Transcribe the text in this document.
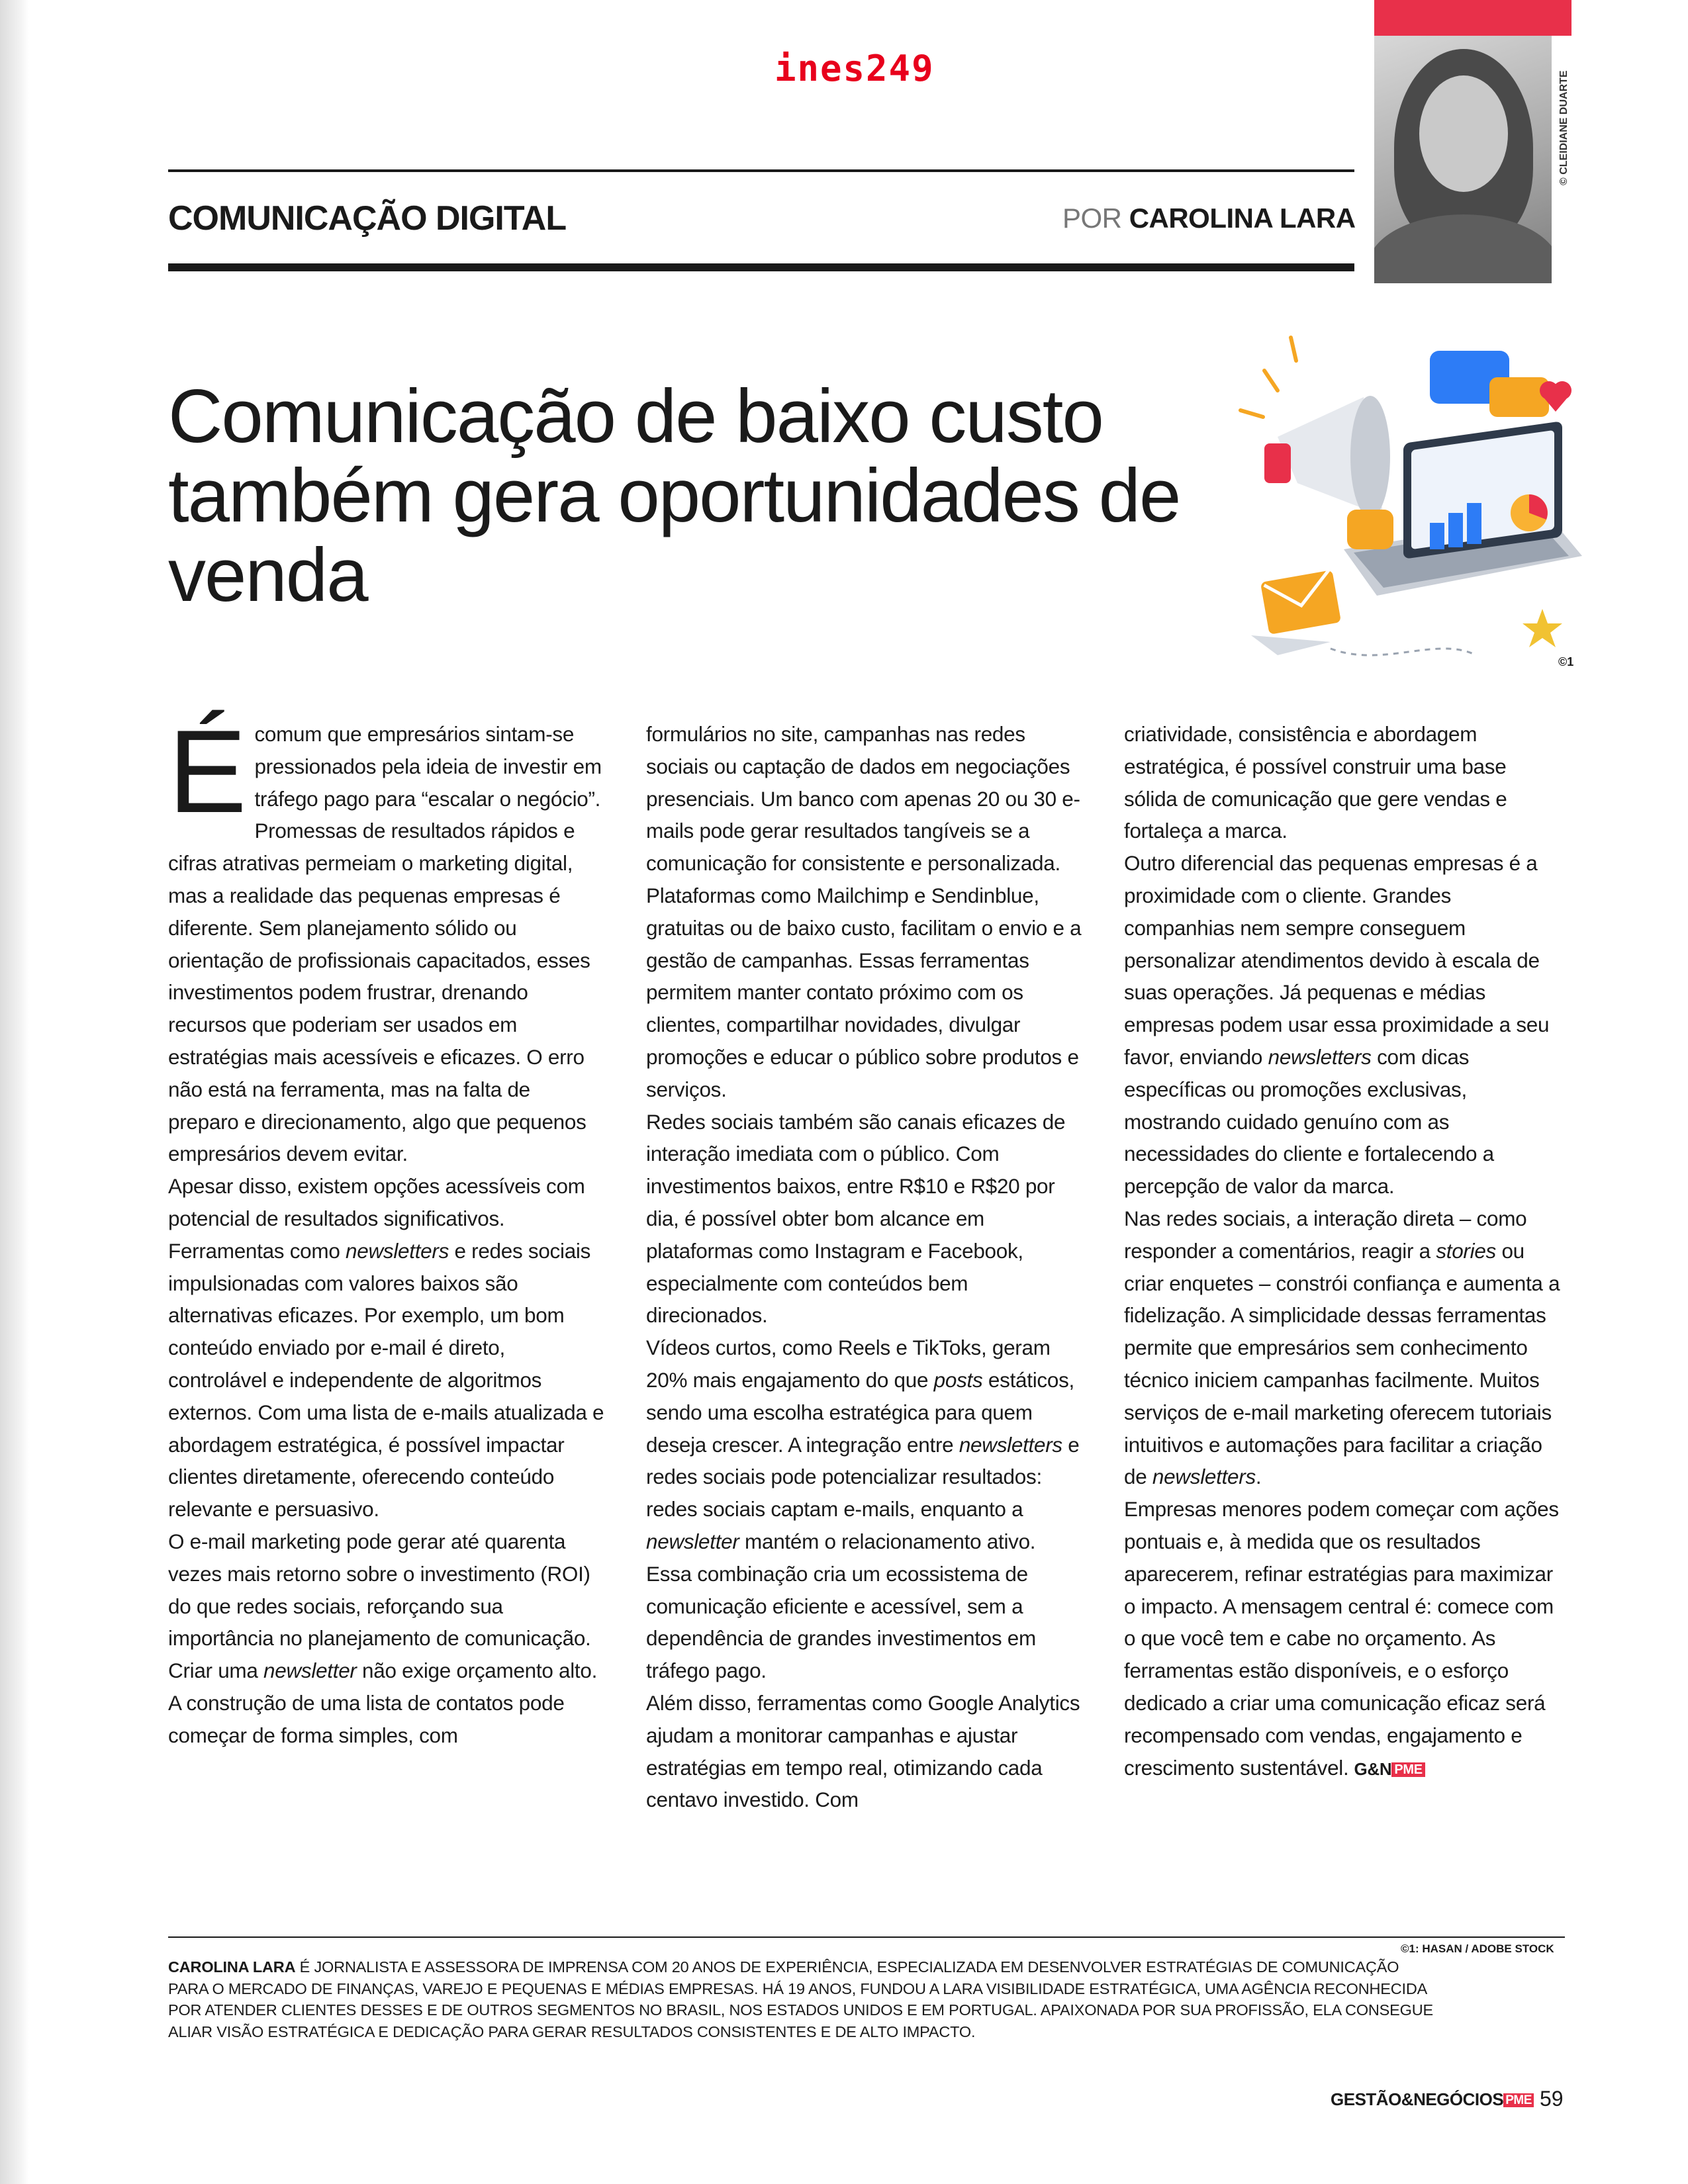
ines249
© CLEIDIANE DUARTE
COMUNICAÇÃO DIGITAL	POR CAROLINA LARA
Comunicação de baixo custo também gera oportunidades de venda
©1

É comum que empresários sintam-se pressionados pela ideia de investir em tráfego pago para “escalar o negócio”. Promessas de resultados rápidos e cifras atrativas permeiam o marketing digital, mas a realidade das pequenas empresas é diferente. Sem planejamento sólido ou orientação de profissionais capacitados, esses investimentos podem frustrar, drenando recursos que poderiam ser usados em estratégias mais acessíveis e eficazes. O erro não está na ferramenta, mas na falta de preparo e direcionamento, algo que pequenos empresários devem evitar.

Apesar disso, existem opções acessíveis com potencial de resultados significativos. Ferramentas como newsletters e redes sociais impulsionadas com valores baixos são alternativas eficazes. Por exemplo, um bom conteúdo enviado por e-mail é direto, controlável e independente de algoritmos externos. Com uma lista de e-mails atualizada e abordagem estratégica, é possível impactar clientes diretamente, oferecendo conteúdo relevante e persuasivo.

O e-mail marketing pode gerar até quarenta vezes mais retorno sobre o investimento (ROI) do que redes sociais, reforçando sua importância no planejamento de comunicação. Criar uma newsletter não exige orçamento alto.

A construção de uma lista de contatos pode começar de forma simples, com

formulários no site, campanhas nas redes sociais ou captação de dados em negociações presenciais. Um banco com apenas 20 ou 30 e-mails pode gerar resultados tangíveis se a comunicação for consistente e personalizada.

Plataformas como Mailchimp e Sendinblue, gratuitas ou de baixo custo, facilitam o envio e a gestão de campanhas. Essas ferramentas permitem manter contato próximo com os clientes, compartilhar novidades, divulgar promoções e educar o público sobre produtos e serviços.

Redes sociais também são canais eficazes de interação imediata com o público. Com investimentos baixos, entre R$10 e R$20 por dia, é possível obter bom alcance em plataformas como Instagram e Facebook, especialmente com conteúdos bem direcionados.

Vídeos curtos, como Reels e TikToks, geram 20% mais engajamento do que posts estáticos, sendo uma escolha estratégica para quem deseja crescer. A integração entre newsletters e redes sociais pode potencializar resultados: redes sociais captam e-mails, enquanto a newsletter mantém o relacionamento ativo. Essa combinação cria um ecossistema de comunicação eficiente e acessível, sem a dependência de grandes investimentos em tráfego pago.

Além disso, ferramentas como Google Analytics ajudam a monitorar campanhas e ajustar estratégias em tempo real, otimizando cada centavo investido. Com

criatividade, consistência e abordagem estratégica, é possível construir uma base sólida de comunicação que gere vendas e fortaleça a marca.

Outro diferencial das pequenas empresas é a proximidade com o cliente. Grandes companhias nem sempre conseguem personalizar atendimentos devido à escala de suas operações. Já pequenas e médias empresas podem usar essa proximidade a seu favor, enviando newsletters com dicas específicas ou promoções exclusivas, mostrando cuidado genuíno com as necessidades do cliente e fortalecendo a percepção de valor da marca.

Nas redes sociais, a interação direta – como responder a comentários, reagir a stories ou criar enquetes – constrói confiança e aumenta a fidelização. A simplicidade dessas ferramentas permite que empresários sem conhecimento técnico iniciem campanhas facilmente. Muitos serviços de e-mail marketing oferecem tutoriais intuitivos e automações para facilitar a criação de newsletters.

Empresas menores podem começar com ações pontuais e, à medida que os resultados aparecerem, refinar estratégias para maximizar o impacto. A mensagem central é: comece com o que você tem e cabe no orçamento. As ferramentas estão disponíveis, e o esforço dedicado a criar uma comunicação eficaz será recompensado com vendas, engajamento e crescimento sustentável. G&N PME

©1: HASAN / ADOBE STOCK
CAROLINA LARA É JORNALISTA E ASSESSORA DE IMPRENSA COM 20 ANOS DE EXPERIÊNCIA, ESPECIALIZADA EM DESENVOLVER ESTRATÉGIAS DE COMUNICAÇÃO PARA O MERCADO DE FINANÇAS, VAREJO E PEQUENAS E MÉDIAS EMPRESAS. HÁ 19 ANOS, FUNDOU A LARA VISIBILIDADE ESTRATÉGICA, UMA AGÊNCIA RECONHECIDA POR ATENDER CLIENTES DESSES E DE OUTROS SEGMENTOS NO BRASIL, NOS ESTADOS UNIDOS E EM PORTUGAL. APAIXONADA POR SUA PROFISSÃO, ELA CONSEGUE ALIAR VISÃO ESTRATÉGICA E DEDICAÇÃO PARA GERAR RESULTADOS CONSISTENTES E DE ALTO IMPACTO.
GESTÃO&NEGÓCIOS PME 59
